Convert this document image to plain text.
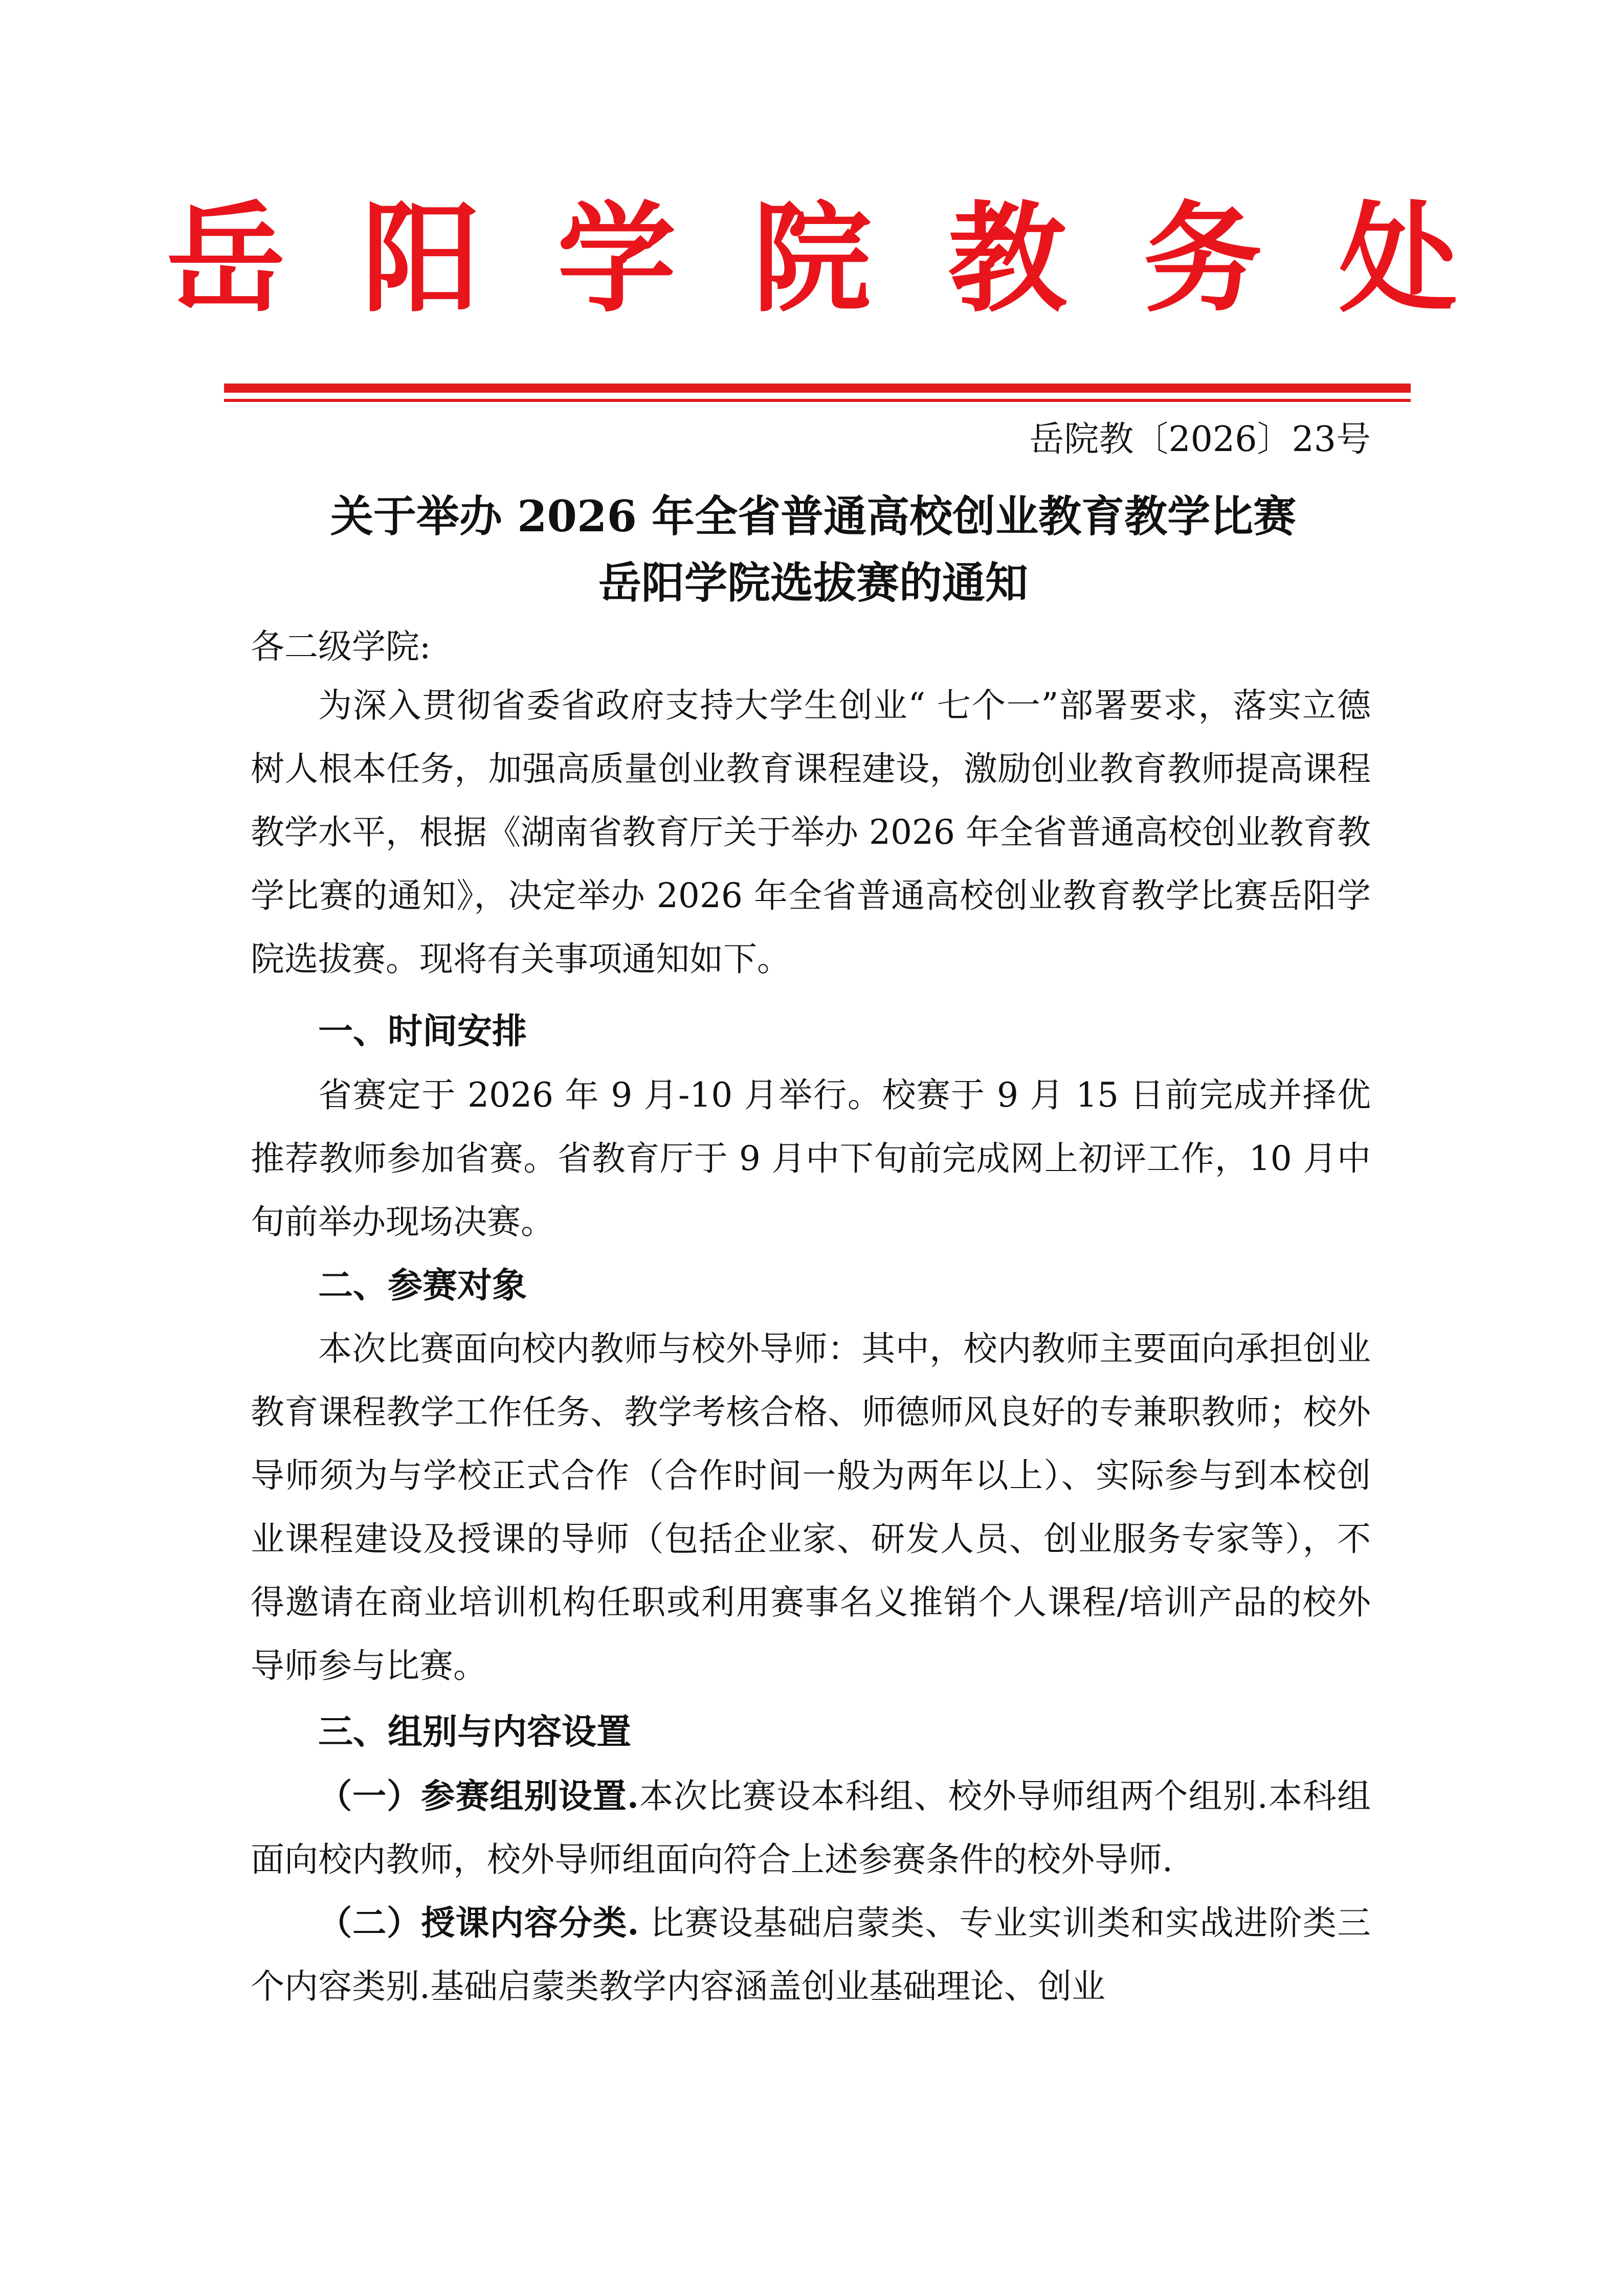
岳阳学院教务处
岳院教〔2026〕23号
关于举办 2026 年全省普通高校创业教育教学比赛
岳阳学院选拔赛的通知
各二级学院:

为深入贯彻省委省政府支持大学生创业“ 七个一”部署要求，落实立德树人根本任务，加强高质量创业教育课程建设，激励创业教育教师提高课程教学水平，根据《湖南省教育厅关于举办 2026 年全省普通高校创业教育教学比赛的通知》，决定举办 2026 年全省普通高校创业教育教学比赛岳阳学院选拔赛。现将有关事项通知如下。

一、时间安排

省赛定于 2026 年 9 月-10 月举行。校赛于 9 月 15 日前完成并择优推荐教师参加省赛。省教育厅于 9 月中下旬前完成网上初评工作，10 月中旬前举办现场决赛。

二、参赛对象

本次比赛面向校内教师与校外导师：其中，校内教师主要面向承担创业教育课程教学工作任务、教学考核合格、师德师风良好的专兼职教师；校外导师须为与学校正式合作（合作时间一般为两年以上）、实际参与到本校创业课程建设及授课的导师（包括企业家、研发人员、创业服务专家等），不得邀请在商业培训机构任职或利用赛事名义推销个人课程/培训产品的校外导师参与比赛。

三、组别与内容设置

（一）参赛组别设置.本次比赛设本科组、校外导师组两个组别.本科组面向校内教师，校外导师组面向符合上述参赛条件的校外导师.

（二）授课内容分类. 比赛设基础启蒙类、专业实训类和实战进阶类三个内容类别.基础启蒙类教学内容涵盖创业基础理论、创业
